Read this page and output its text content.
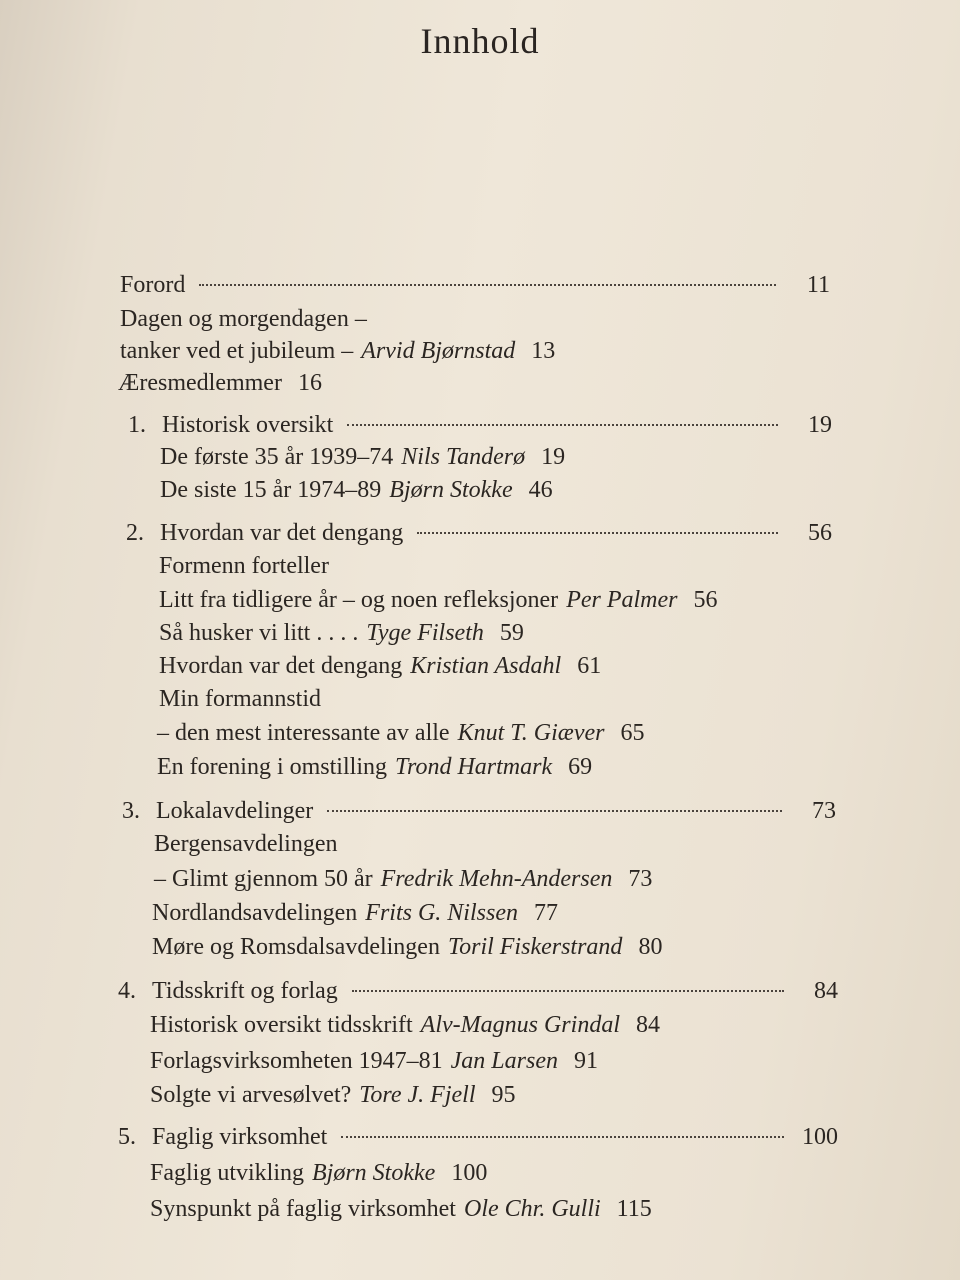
Innhold
Forord	11
Dagen og morgendagen –
tanker ved et jubileum – Arvid Bjørnstad 13
Æresmedlemmer 16
1. Historisk oversikt	19
De første 35 år 1939–74 Nils Tanderø 19
De siste 15 år 1974–89 Bjørn Stokke 46
2. Hvordan var det dengang	56
Formenn forteller
Litt fra tidligere år – og noen refleksjoner Per Palmer 56
Så husker vi litt . . . . Tyge Filseth 59
Hvordan var det dengang Kristian Asdahl 61
Min formannstid
– den mest interessante av alle Knut T. Giæver 65
En forening i omstilling Trond Hartmark 69
3. Lokalavdelinger	73
Bergensavdelingen
– Glimt gjennom 50 år Fredrik Mehn-Andersen 73
Nordlandsavdelingen Frits G. Nilssen 77
Møre og Romsdalsavdelingen Toril Fiskerstrand 80
4. Tidsskrift og forlag	84
Historisk oversikt tidsskrift Alv-Magnus Grindal 84
Forlagsvirksomheten 1947–81 Jan Larsen 91
Solgte vi arvesølvet? Tore J. Fjell 95
5. Faglig virksomhet	100
Faglig utvikling Bjørn Stokke 100
Synspunkt på faglig virksomhet Ole Chr. Gulli 115
